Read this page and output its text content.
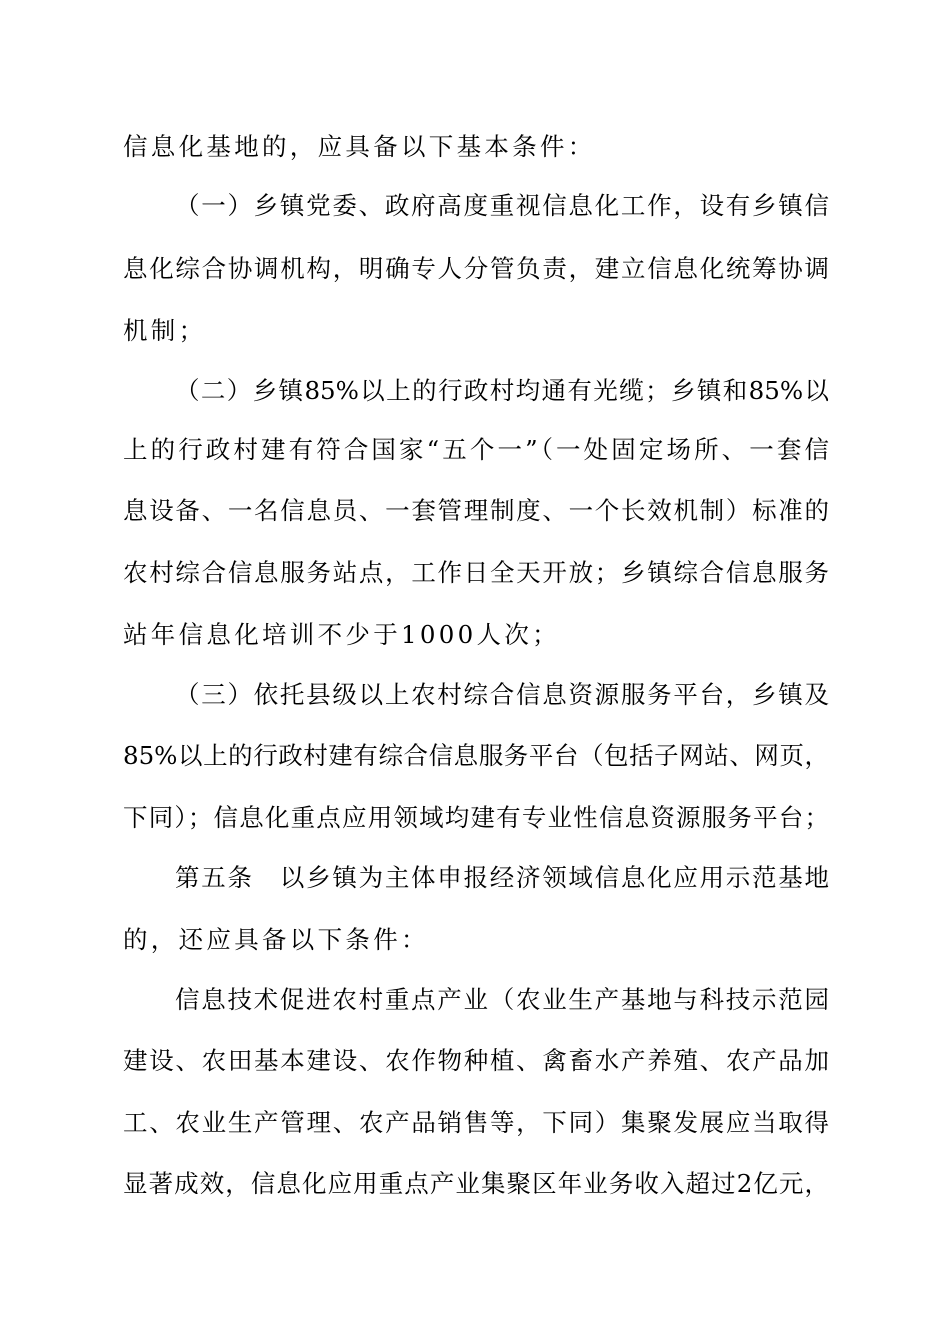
信息化基地的，应具备以下基本条件：
（一）乡镇党委、政府高度重视信息化工作，设有乡镇信
息化综合协调机构，明确专人分管负责，建立信息化统筹协调
机制；
（二）乡镇85%以上的行政村均通有光缆；乡镇和85%以
上的行政村建有符合国家“五个一”（一处固定场所、一套信
息设备、一名信息员、一套管理制度、一个长效机制）标准的
农村综合信息服务站点，工作日全天开放；乡镇综合信息服务
站年信息化培训不少于1000人次；
（三）依托县级以上农村综合信息资源服务平台，乡镇及
85%以上的行政村建有综合信息服务平台（包括子网站、网页，
下同）；信息化重点应用领域均建有专业性信息资源服务平台；
第五条　以乡镇为主体申报经济领域信息化应用示范基地
的，还应具备以下条件：
信息技术促进农村重点产业（农业生产基地与科技示范园
建设、农田基本建设、农作物种植、禽畜水产养殖、农产品加
工、农业生产管理、农产品销售等，下同）集聚发展应当取得
显著成效，信息化应用重点产业集聚区年业务收入超过2亿元，
